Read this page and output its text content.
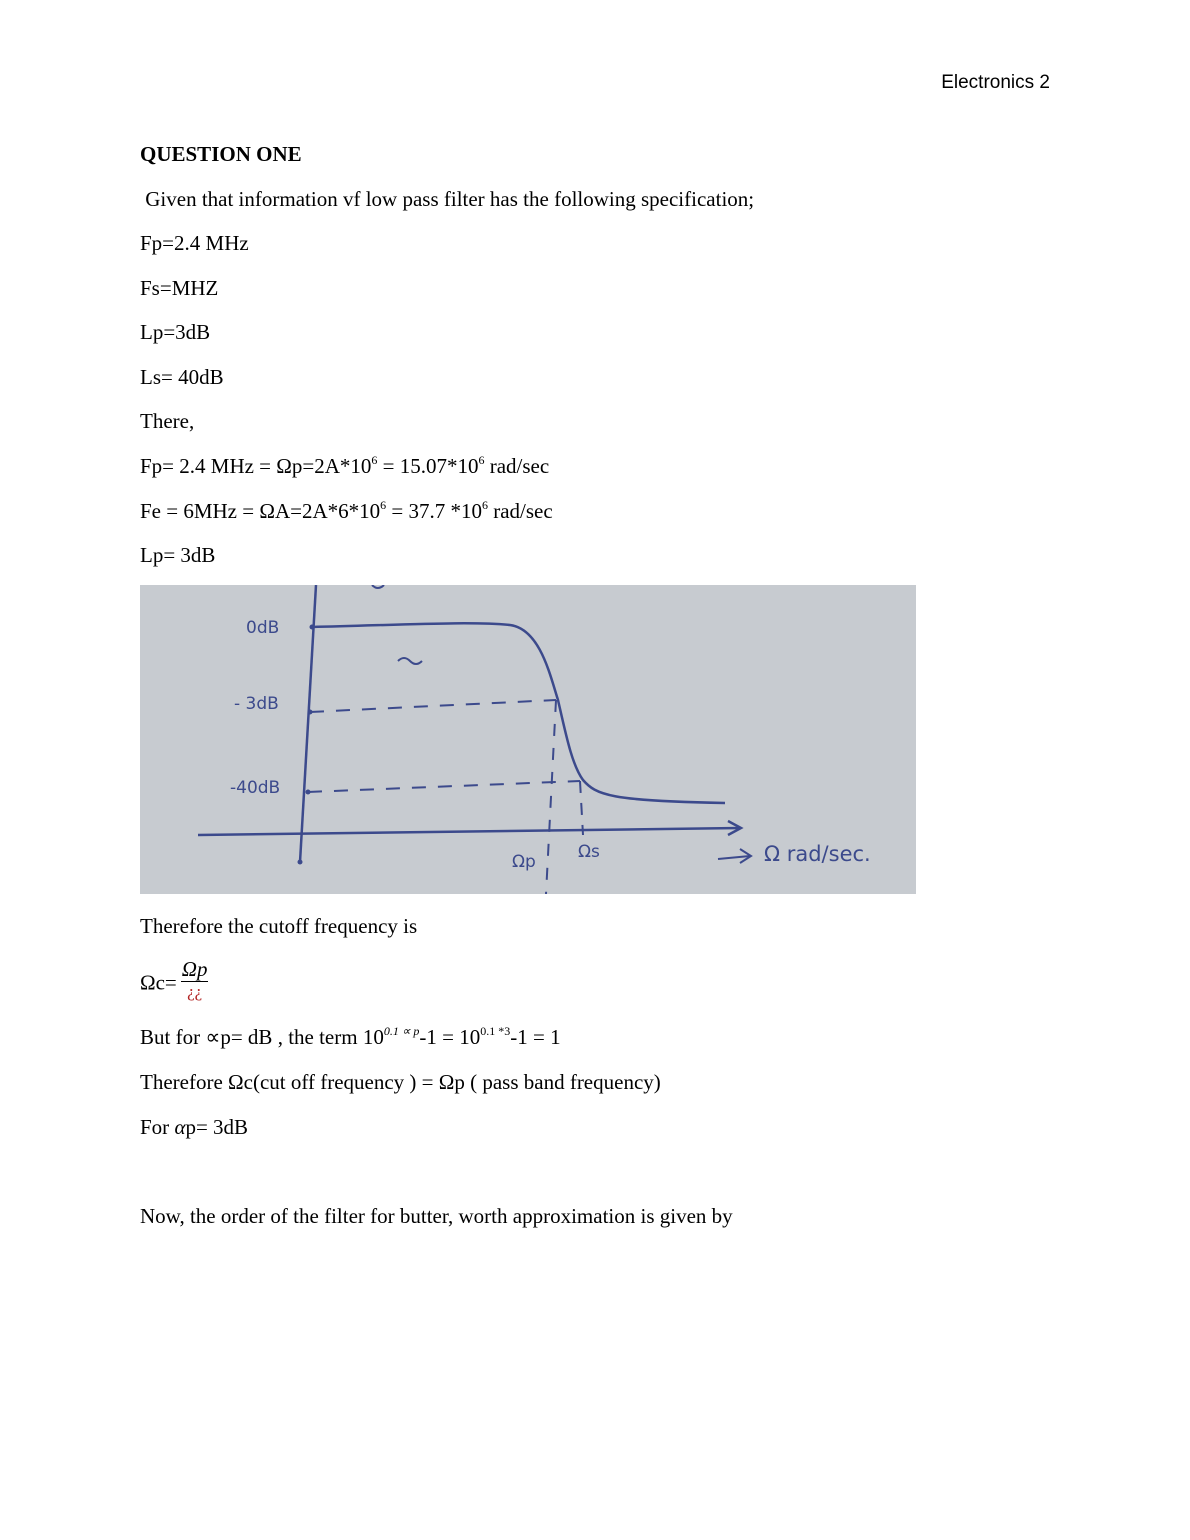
Electronics 2
QUESTION ONE
Given that information vf low pass filter has the following specification;
Fp=2.4 MHz
Fs=MHZ
Lp=3dB
Ls= 40dB
There,
Fp= 2.4 MHz = $\Omega p=2A*10^6 = 15.07*10^6$ rad/sec
$Fe = 6MHz = \Omega A=2A*6*10^6 = 37.7$ $*10^6$ rad/sec
Lp= 3dB
0dB
- 3dB
-40dB
Ωp Ωs	Ω rad/sec.
Therefore the cutoff frequency is
$\Omega c= \frac{\Omega p}{¿¿}$
But for ∝p= dB , the term $10^{0.1 \propto p}-1 = 10^{0.1 *3}-1 = 1$
Therefore Ωc(cut off frequency ) = Ωp ( pass band frequency)
For αp= 3dB
Now, the order of the filter for butter, worth approximation is given by
